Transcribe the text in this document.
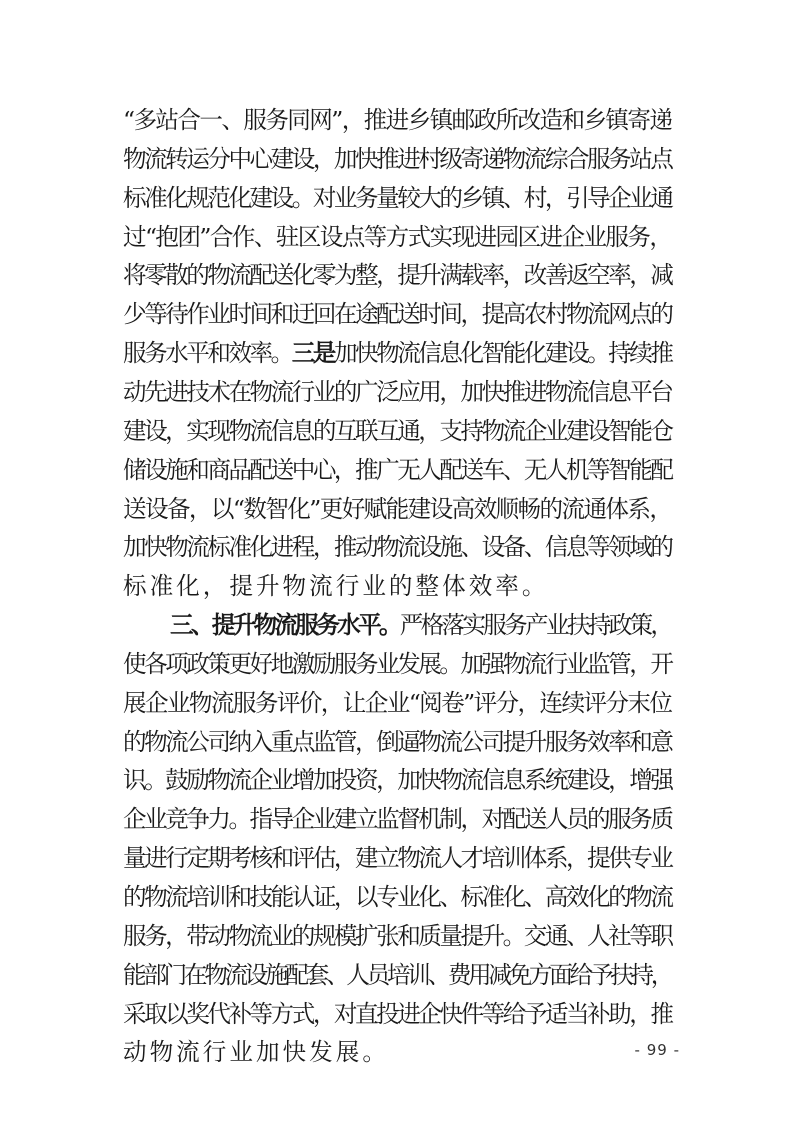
“多站合一、服务同网”，推进乡镇邮政所改造和乡镇寄递
物流转运分中心建设，加快推进村级寄递物流综合服务站点
标准化规范化建设。对业务量较大的乡镇、村，引导企业通
过“抱团”合作、驻区设点等方式实现进园区进企业服务，
将零散的物流配送化零为整，提升满载率，改善返空率，减
少等待作业时间和迂回在途配送时间，提高农村物流网点的
服务水平和效率。三是加快物流信息化智能化建设。持续推
动先进技术在物流行业的广泛应用，加快推进物流信息平台
建设，实现物流信息的互联互通，支持物流企业建设智能仓
储设施和商品配送中心，推广无人配送车、无人机等智能配
送设备，以“数智化”更好赋能建设高效顺畅的流通体系，
加快物流标准化进程，推动物流设施、设备、信息等领域的
标准化，提升物流行业的整体效率。
三、提升物流服务水平。严格落实服务产业扶持政策，
使各项政策更好地激励服务业发展。加强物流行业监管，开
展企业物流服务评价，让企业“阅卷”评分，连续评分末位
的物流公司纳入重点监管，倒逼物流公司提升服务效率和意
识。鼓励物流企业增加投资，加快物流信息系统建设，增强
企业竞争力。指导企业建立监督机制，对配送人员的服务质
量进行定期考核和评估，建立物流人才培训体系，提供专业
的物流培训和技能认证，以专业化、标准化、高效化的物流
服务，带动物流业的规模扩张和质量提升。交通、人社等职
能部门在物流设施配套、人员培训、费用减免方面给予扶持，
采取以奖代补等方式，对直投进企快件等给予适当补助，推
动物流行业加快发展。	- 99 -
